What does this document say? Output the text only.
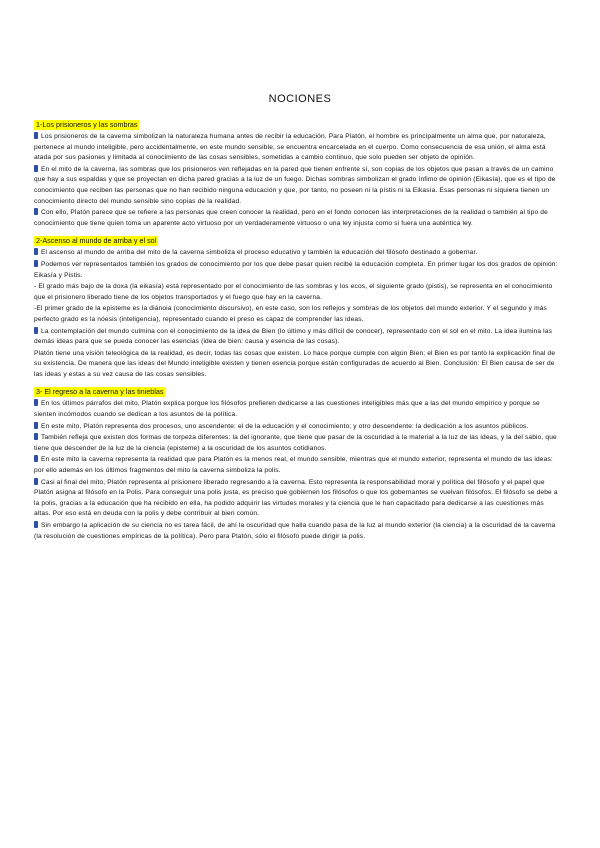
NOCIONES
1-Los prisioneros y las sombras
Los prisioneros de la caverna simbolizan la naturaleza humana antes de recibir la educación. Para Platón, el hombre es principalmente un alma que, por naturaleza, pertenece al mundo inteligible, pero accidentalmente, en este mundo sensible, se encuentra encarcelada en el cuerpo. Como consecuencia de esa unión, el alma está atada por sus pasiones y limitada al conocimiento de las cosas sensibles, sometidas a cambio continuo, que solo pueden ser objeto de opinión.
En el mito de la caverna, las sombras que los prisioneros ven reflejadas en la pared que tienen enfrente sí, son copias de los objetos que pasan a través de un camino que hay a sus espaldas y que se proyectan en dicha pared gracias a la luz de un fuego. Dichas sombras simbolizan el grado ínfimo de opinión (Eikasía), que es el tipo de conocimiento que reciben las personas que no han recibido ninguna educación y que, por tanto, no poseen ni la pístis ni la Eikasía. Esas personas ni siquiera tienen un conocimiento directo del mundo sensible sino copias de la realidad.
Con ello, Platón parece que se refiere a las personas que creen conocer la realidad, pero en el fondo conocen las interpretaciones de la realidad o también al tipo de conocimiento que tiene quien toma un aparente acto virtuoso por un verdaderamente virtuoso o una ley injusta como si fuera una auténtica ley.
2-Ascenso al mundo de arriba y el sol
El ascenso al mundo de arriba del mito de la caverna simboliza el proceso educativo y también la educación del filósofo destinado a gobernar.
Podemos ver representados también los grados de conocimiento por los que debe pasar quien recibe la educación completa. En primer lugar los dos grados de opinión: Eikasía y Pistis.
- El grado más bajo de la doxa (la eikasía) está representado por el conocimiento de las sombras y los ecos, el siguiente grado (pistis), se representa en el conocimiento que el prisionero liberado tiene de los objetos transportados y el fuego que hay en la caverna.
-El primer grado de la episteme es la diánoia (conocimiento discursivo), en este caso, son los reflejos y sombras de los objetos del mundo exterior. Y el segundo y más perfecto grado es la nóesis (inteligencia), representado cuando el preso es capaz de comprender las ideas.
La contemplación del mundo culmina con el conocimiento de la idea de Bien (lo último y más difícil de conocer), representado con el sol en el mito. La idea ilumina las demás ideas para que se pueda conocer las esencias (idea de bien: causa y esencia de las cosas).
Platón tiene una visión teleológica de la realidad, es decir, todas las cosas que existen. Lo hace porque cumple con algún Bien; el Bien es por tanto la explicación final de su existencia. De manera que las ideas del Mundo inteligible existen y tienen esencia porque están configuradas de acuerdo al Bien. Conclusión: El Bien causa de ser de las ideas y estas a su vez causa de las cosas sensibles.
3- El regreso a la caverna y las tinieblas
En los últimos párrafos del mito, Platón explica porque los filósofos prefieren dedicarse a las cuestiones inteligibles más que a las del mundo empírico y porque se sienten incómodos cuando se dedican a los asuntos de la política.
En este mito, Platón representa dos procesos, uno ascendente: el de la educación y el conocimiento; y otro descendente: la dedicación a los asuntos públicos.
También refleja que existen dos formas de torpeza diferentes: la del ignorante, que tiene que pasar de la oscuridad a la material a la luz de las ideas, y la del sabio, que tiene que descender de la luz de la ciencia (episteme) a la oscuridad de los asuntos cotidianos.
En este mito la caverna representa la realidad que para Platón es la menos real, el mundo sensible, mientras que el mundo exterior, representa el mundo de las ideas: por ello además en los últimos fragmentos del mito la caverna simboliza la polis.
Casi al final del mito, Platón representa al prisionero liberado regresando a la caverna. Esto representa la responsabilidad moral y política del filósofo y el papel que Platón asigna al filósofo en la Polis. Para conseguir una polis justa, es preciso que gobiernen los filósofos o que los gobernantes se vuelvan filósofos. El filósofo se debe a la polis, gracias a la educación que ha recibido en ella, ha podido adquirir las virtudes morales y la ciencia que le han capacitado para dedicarse a las cuestiones más altas. Por eso está en deuda con la polis y debe contribuir al bien común.
Sin embargo la aplicación de su ciencia no es tarea fácil, de ahí la oscuridad que halla cuando pasa de la luz al mundo exterior (la ciencia) a la oscuridad de la caverna (la resolución de cuestiones empíricas de la política). Pero para Platón, sólo el filósofo puede dirigir la polis.
